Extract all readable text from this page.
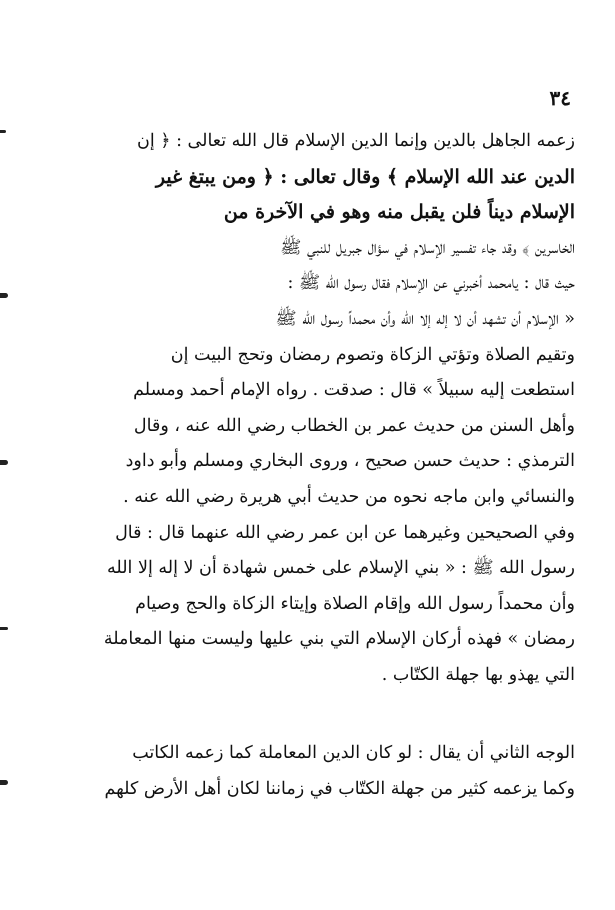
٣٤
زعمه الجاهل بالدين وإنما الدين الإسلام قال الله تعالى : ﴿ إن
الدين عند الله الإسلام ﴾ وقال تعالى : ﴿ ومن يبتغ غير
الإسلام ديناً فلن يقبل منه وهو في الآخرة من
الخاسرين ﴾ وقد جاء تفسير الإسلام في سؤال جبريل للنبي ﷺ
حيث قال : يامحمد أخبرني عن الإسلام فقال رسول الله ﷺ :
« الإسلام أن تشهد أن لا إله إلا الله وأن محمداً رسول الله ﷺ
وتقيم الصلاة وتؤتي الزكاة وتصوم رمضان وتحج البيت إن
استطعت إليه سبيلاً » قال : صدقت . رواه الإمام أحمد ومسلم
وأهل السنن من حديث عمر بن الخطاب رضي الله عنه ، وقال
الترمذي : حديث حسن صحيح ، وروى البخاري ومسلم وأبو داود
والنسائي وابن ماجه نحوه من حديث أبي هريرة رضي الله عنه .
وفي الصحيحين وغيرهما عن ابن عمر رضي الله عنهما قال : قال
رسول الله ﷺ : « بني الإسلام على خمس شهادة أن لا إله إلا الله
وأن محمداً رسول الله وإقام الصلاة وإيتاء الزكاة والحج وصيام
رمضان » فهذه أركان الإسلام التي بني عليها وليست منها المعاملة
التي يهذو بها جهلة الكتّاب .
الوجه الثاني أن يقال : لو كان الدين المعاملة كما زعمه الكاتب
وكما يزعمه كثير من جهلة الكتّاب في زماننا لكان أهل الأرض كلهم
